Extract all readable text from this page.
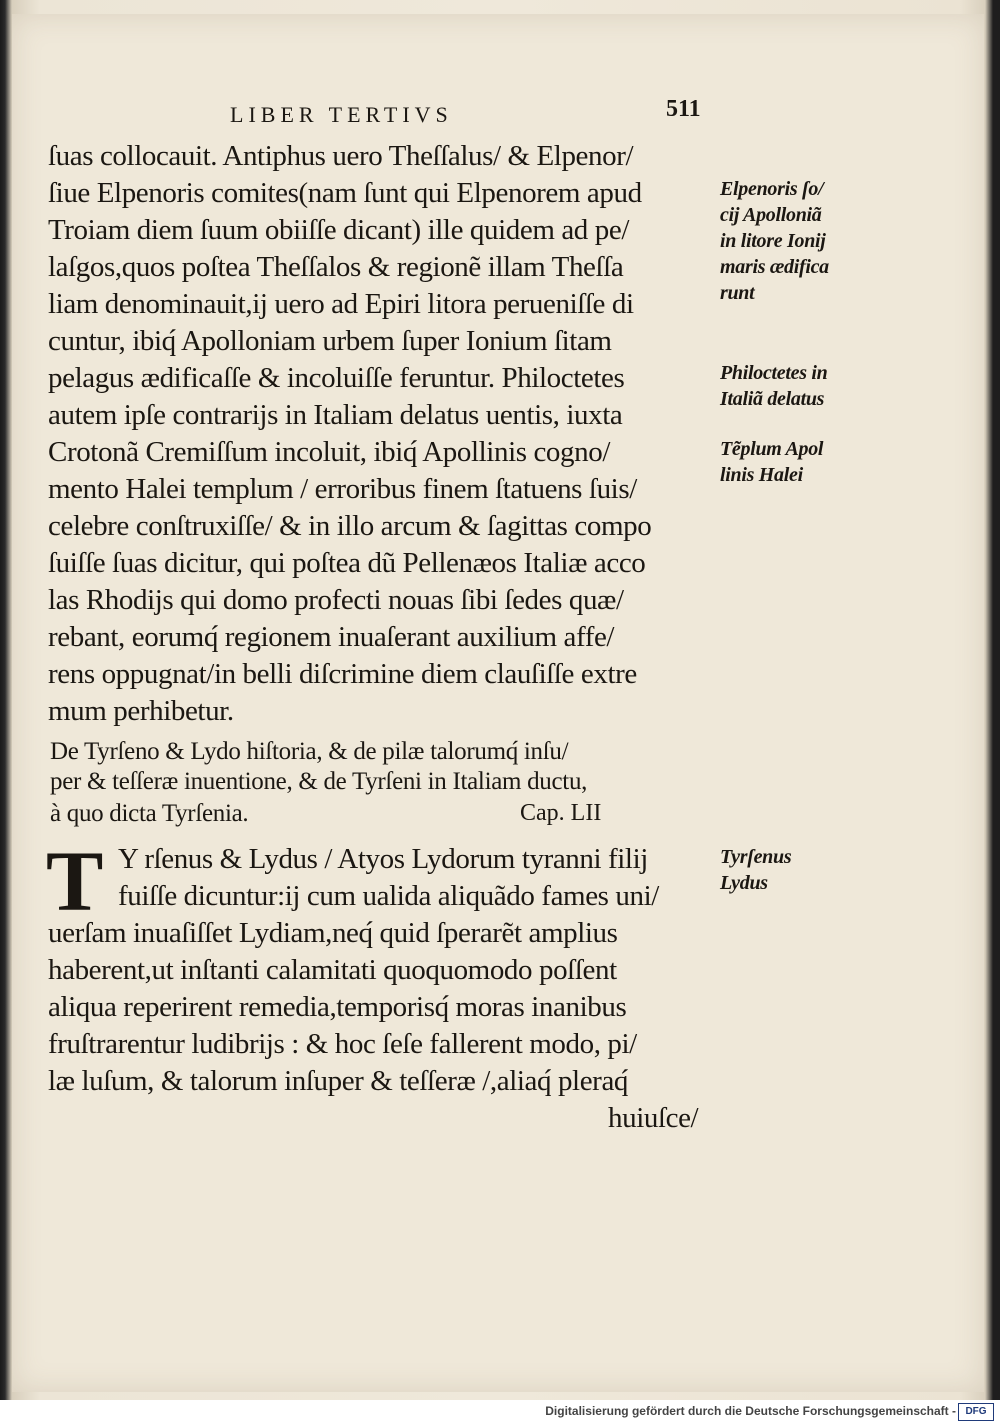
LIBER TERTIVS	511
ſuas collocauit. Antiphus uero Theſſalus/ & Elpenor/
ſiue Elpenoris comites(nam ſunt qui Elpenorem apud
Troiam diem ſuum obiiſſe dicant) ille quidem ad pe/
laſgos,quos poſtea Theſſalos & regionẽ illam Theſſa
liam denominauit,ij uero ad Epiri litora perueniſſe di
cuntur, ibiq́ Apolloniam urbem ſuper Ionium ſitam
pelagus ædificaſſe & incoluiſſe feruntur. Philoctetes
autem ipſe contrarijs in Italiam delatus uentis, iuxta
Crotonã Cremiſſum incoluit, ibiq́ Apollinis cogno/
mento Halei templum / erroribus finem ſtatuens ſuis/
celebre conſtruxiſſe/ & in illo arcum & ſagittas compo
ſuiſſe ſuas dicitur, qui poſtea dũ Pellenæos Italiæ acco
las Rhodijs qui domo profecti nouas ſibi ſedes quæ/
rebant, eorumq́ regionem inuaſerant auxilium affe/
rens oppugnat/in belli diſcrimine diem clauſiſſe extre
mum perhibetur.
De Tyrſeno & Lydo hiſtoria, & de pilæ talorumq́ inſu/
per & teſſeræ inuentione, & de Tyrſeni in Italiam ductu,
à quo dicta Tyrſenia.	Cap. LII
T Y rſenus & Lydus / Atyos Lydorum tyranni filij
fuiſſe dicuntur:ij cum ualida aliquãdo fames uni/
uerſam inuaſiſſet Lydiam,neq́ quid ſperarẽt amplius
haberent,ut inſtanti calamitati quoquomodo poſſent
aliqua reperirent remedia,temporisq́ moras inanibus
fruſtrarentur ludibrijs : & hoc ſeſe fallerent modo, pi/
læ luſum, & talorum inſuper & teſſeræ /,aliaq́ pleraq́
huiuſce/
Elpenoris ſo/
cij Apolloniã
in litore Ionij
maris ædifica
runt
Philoctetes in
Italiã delatus
Tẽplum Apol
linis Halei
Tyrſenus
Lydus
Digitalisierung gefördert durch die Deutsche Forschungsgemeinschaft - DFG
